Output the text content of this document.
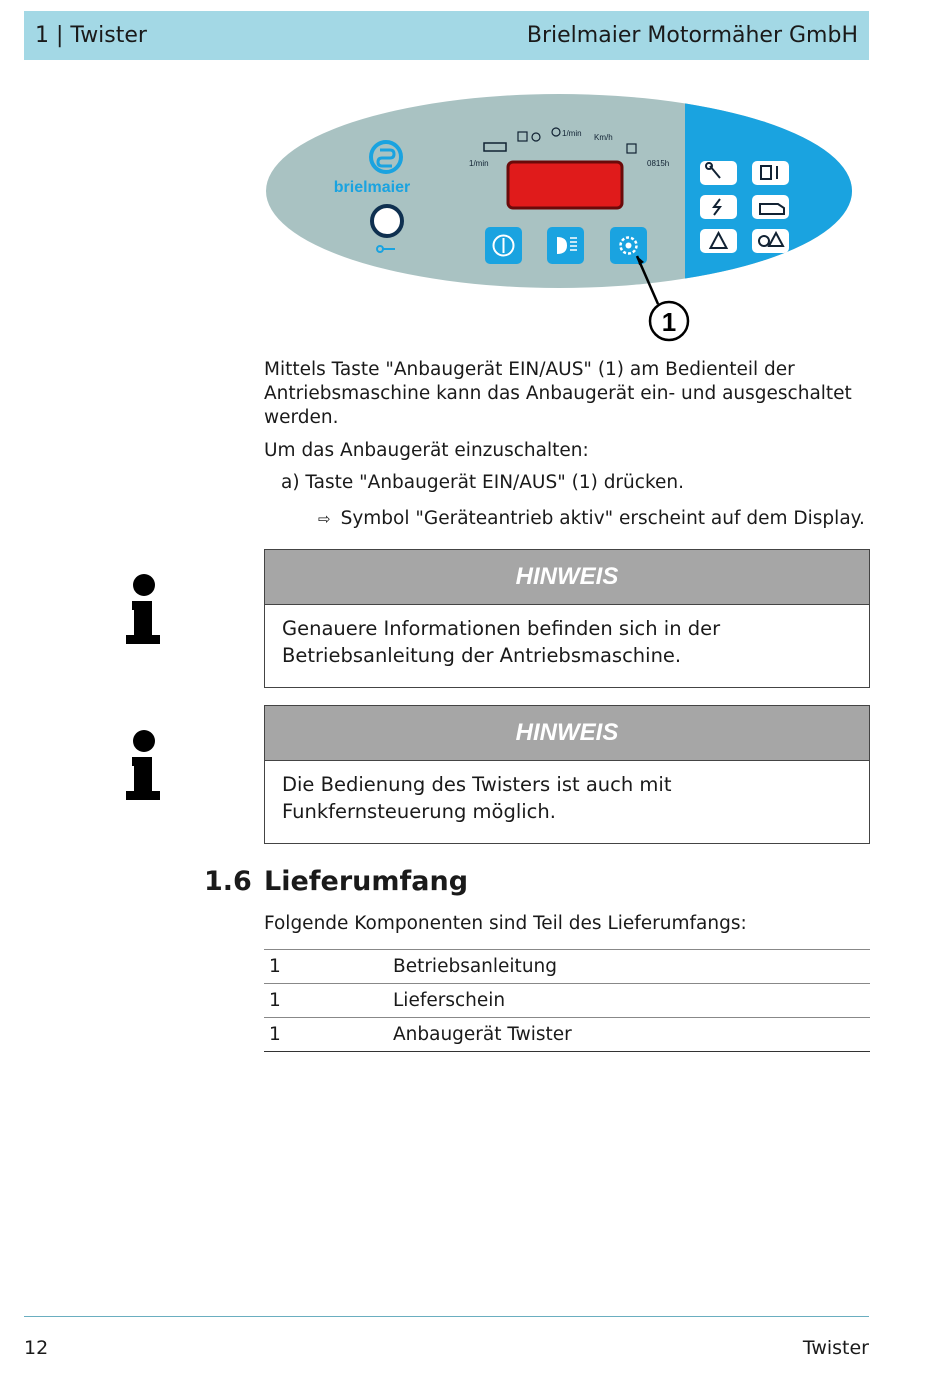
1 | Twister	Brielmaier Motormäher GmbH
brielmaier
1/min
1/min Km/h
0815h
1

Mittels Taste "Anbaugerät EIN/AUS" (1) am Bedienteil der Antriebsmaschine kann das Anbaugerät ein- und ausgeschaltet werden.

Um das Anbaugerät einzuschalten:

a) Taste "Anbaugerät EIN/AUS" (1) drücken.
⇨ Symbol "Geräteantrieb aktiv" erscheint auf dem Display.
HINWEIS
Genauere Informationen befinden sich in der Betriebsanleitung der Antriebsmaschine.
HINWEIS
Die Bedienung des Twisters ist auch mit Funkfernsteuerung möglich.
1.6 Lieferumfang

Folgende Komponenten sind Teil des Lieferumfangs:

1	Betriebsanleitung
1	Lieferschein
1	Anbaugerät Twister
12	Twister
